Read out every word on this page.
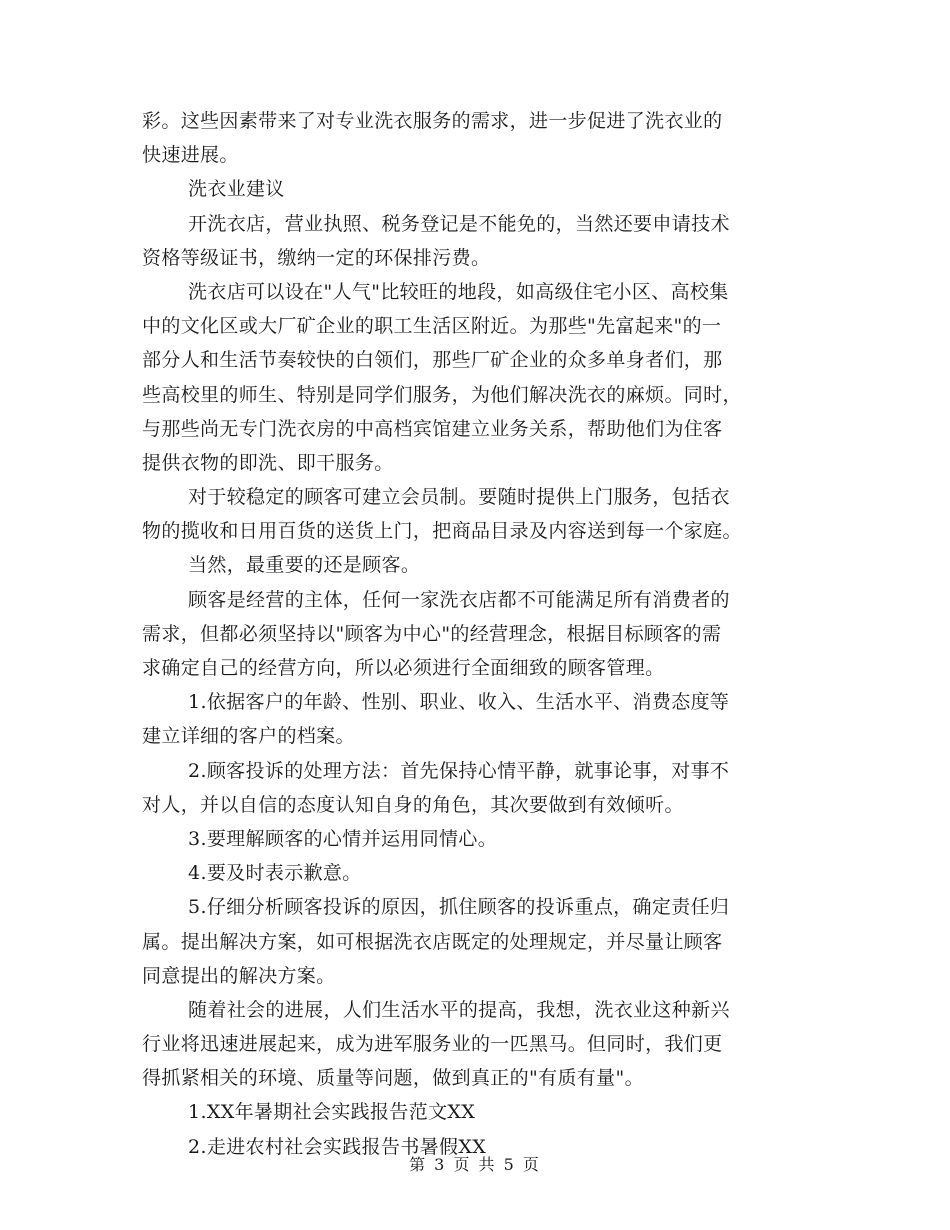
彩。这些因素带来了对专业洗衣服务的需求，进一步促进了洗衣业的
快速进展。
洗衣业建议
开洗衣店，营业执照、税务登记是不能免的，当然还要申请技术
资格等级证书，缴纳一定的环保排污费。
洗衣店可以设在"人气"比较旺的地段，如高级住宅小区、高校集
中的文化区或大厂矿企业的职工生活区附近。为那些"先富起来"的一
部分人和生活节奏较快的白领们，那些厂矿企业的众多单身者们，那
些高校里的师生、特别是同学们服务，为他们解决洗衣的麻烦。同时，
与那些尚无专门洗衣房的中高档宾馆建立业务关系，帮助他们为住客
提供衣物的即洗、即干服务。
对于较稳定的顾客可建立会员制。要随时提供上门服务，包括衣
物的揽收和日用百货的送货上门，把商品目录及内容送到每一个家庭。
当然，最重要的还是顾客。
顾客是经营的主体，任何一家洗衣店都不可能满足所有消费者的
需求，但都必须坚持以"顾客为中心"的经营理念，根据目标顾客的需
求确定自己的经营方向，所以必须进行全面细致的顾客管理。
1.依据客户的年龄、性别、职业、收入、生活水平、消费态度等
建立详细的客户的档案。
2.顾客投诉的处理方法：首先保持心情平静，就事论事，对事不
对人，并以自信的态度认知自身的角色，其次要做到有效倾听。
3.要理解顾客的心情并运用同情心。
4.要及时表示歉意。
5.仔细分析顾客投诉的原因，抓住顾客的投诉重点，确定责任归
属。提出解决方案，如可根据洗衣店既定的处理规定，并尽量让顾客
同意提出的解决方案。
随着社会的进展，人们生活水平的提高，我想，洗衣业这种新兴
行业将迅速进展起来，成为进军服务业的一匹黑马。但同时，我们更
得抓紧相关的环境、质量等问题，做到真正的"有质有量"。
1.XX年暑期社会实践报告范文XX
2.走进农村社会实践报告书暑假XX
第 3 页 共 5 页
